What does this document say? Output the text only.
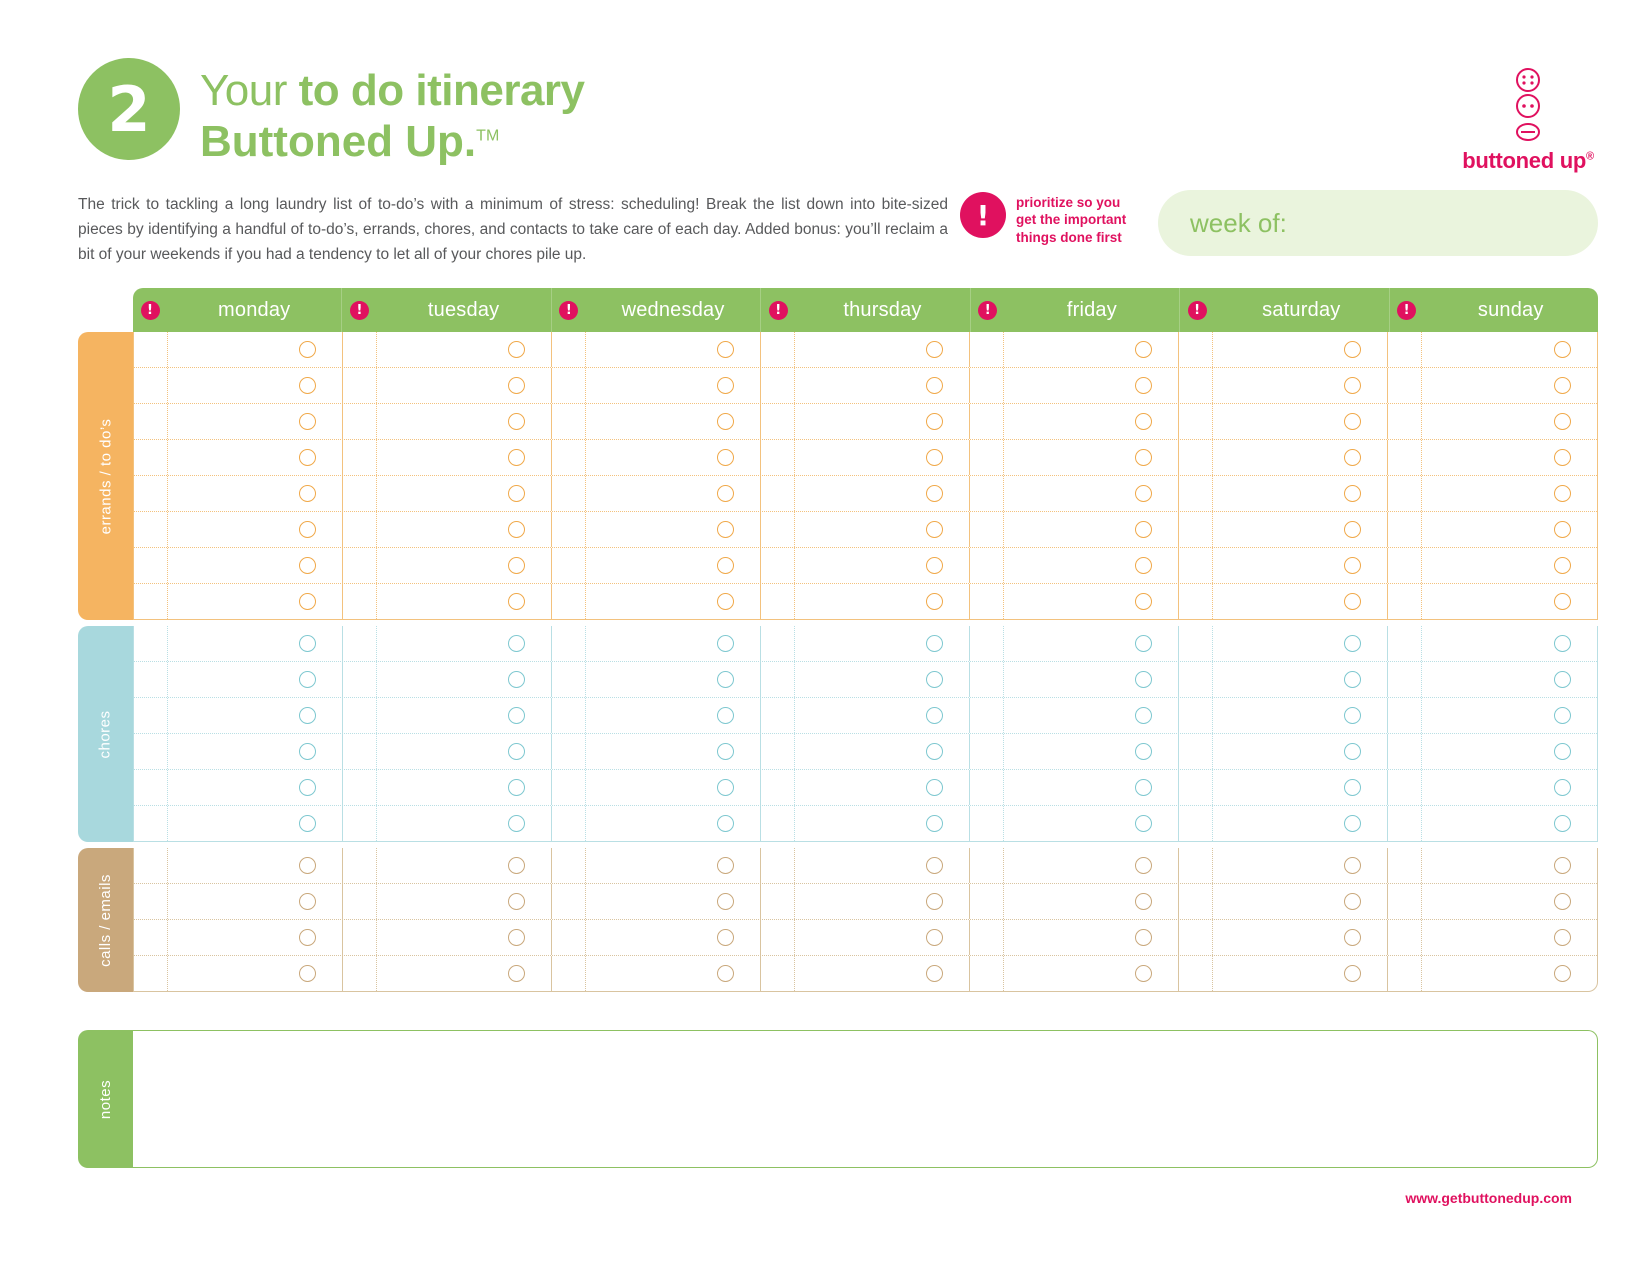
2	Your to do itinerary
Buttoned Up.™
buttoned up®
The trick to tackling a long laundry list of to-do’s with a minimum of stress: scheduling! Break the list down into bite-sized pieces by identifying a handful of to-do’s, errands, chores, and contacts to take care of each day. Added bonus: you’ll reclaim a bit of your weekends if you had a tendency to let all of your chores pile up.
!	prioritize so you get the important things done first	week of:
!	monday	!	tuesday	!	wednesday	!	thursday	!	friday	!	saturday	!	sunday
errands / to do’s
chores
calls / emails
notes
www.getbuttonedup.com
